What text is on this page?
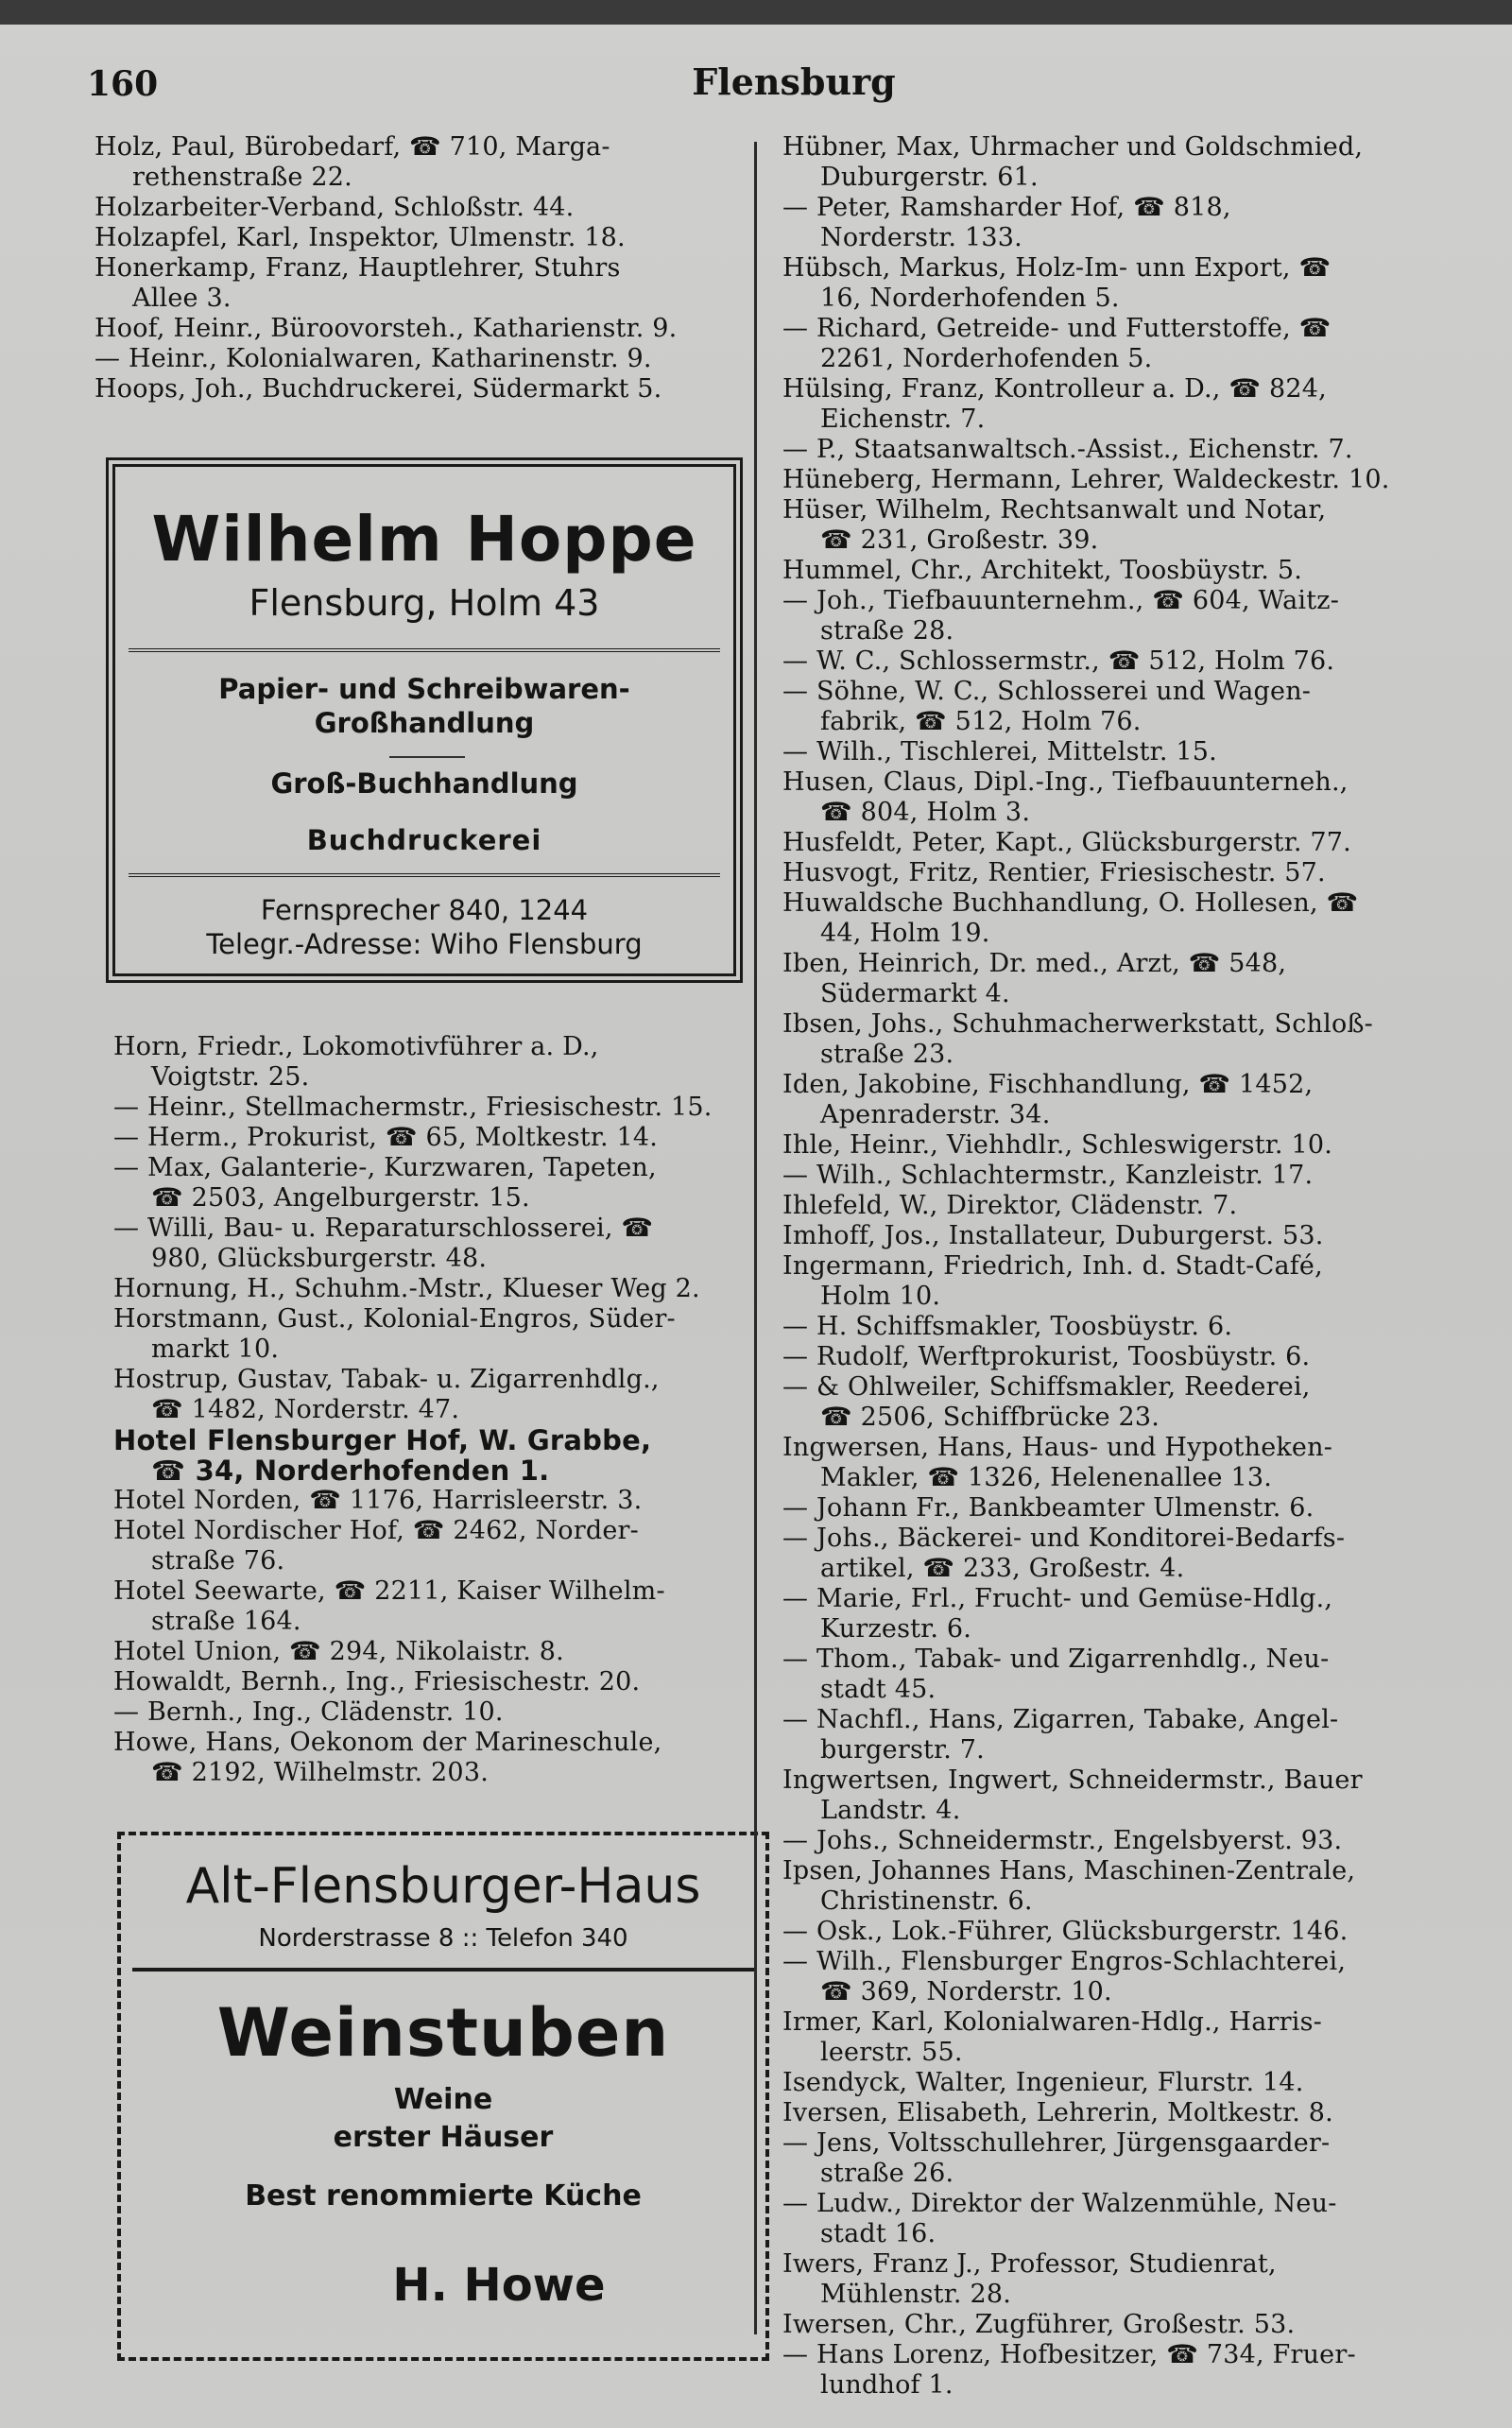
160	Flensburg

Holz, Paul, Bürobedarf, ☎ 710, Marga-

rethenstraße 22.

Holzarbeiter-Verband, Schloßstr. 44.

Holzapfel, Karl, Inspektor, Ulmenstr. 18.

Honerkamp, Franz, Hauptlehrer, Stuhrs

Allee 3.

Hoof, Heinr., Büroovorsteh., Katharienstr. 9.

— Heinr., Kolonialwaren, Katharinenstr. 9.

Hoops, Joh., Buchdruckerei, Südermarkt 5.

Wilhelm Hoppe
Flensburg, Holm 43
Papier- und Schreibwaren-
Großhandlung
Groß-Buchhandlung
Buchdruckerei
Fernsprecher 840, 1244
Telegr.-Adresse: Wiho Flensburg

Horn, Friedr., Lokomotivführer a. D.,

Voigtstr. 25.

— Heinr., Stellmachermstr., Friesischestr. 15.

— Herm., Prokurist, ☎ 65, Moltkestr. 14.

— Max, Galanterie-, Kurzwaren, Tapeten,

☎ 2503, Angelburgerstr. 15.

— Willi, Bau- u. Reparaturschlosserei, ☎

980, Glücksburgerstr. 48.

Hornung, H., Schuhm.-Mstr., Klueser Weg 2.

Horstmann, Gust., Kolonial-Engros, Süder-

markt 10.

Hostrup, Gustav, Tabak- u. Zigarrenhdlg.,

☎ 1482, Norderstr. 47.

Hotel Flensburger Hof, W. Grabbe,

☎ 34, Norderhofenden 1.

Hotel Norden, ☎ 1176, Harrisleerstr. 3.

Hotel Nordischer Hof, ☎ 2462, Norder-

straße 76.

Hotel Seewarte, ☎ 2211, Kaiser Wilhelm-

straße 164.

Hotel Union, ☎ 294, Nikolaistr. 8.

Howaldt, Bernh., Ing., Friesischestr. 20.

— Bernh., Ing., Clädenstr. 10.

Howe, Hans, Oekonom der Marineschule,

☎ 2192, Wilhelmstr. 203.

Alt-Flensburger-Haus
Norderstrasse 8 :: Telefon 340
Weinstuben
Weine
erster Häuser
Best renommierte Küche
H. Howe

Hübner, Max, Uhrmacher und Goldschmied,

Duburgerstr. 61.

— Peter, Ramsharder Hof, ☎ 818,

Norderstr. 133.

Hübsch, Markus, Holz-Im- unn Export, ☎

16, Norderhofenden 5.

— Richard, Getreide- und Futterstoffe, ☎

2261, Norderhofenden 5.

Hülsing, Franz, Kontrolleur a. D., ☎ 824,

Eichenstr. 7.

— P., Staatsanwaltsch.-Assist., Eichenstr. 7.

Hüneberg, Hermann, Lehrer, Waldeckestr. 10.

Hüser, Wilhelm, Rechtsanwalt und Notar,

☎ 231, Großestr. 39.

Hummel, Chr., Architekt, Toosbüystr. 5.

— Joh., Tiefbauunternehm., ☎ 604, Waitz-

straße 28.

— W. C., Schlossermstr., ☎ 512, Holm 76.

— Söhne, W. C., Schlosserei und Wagen-

fabrik, ☎ 512, Holm 76.

— Wilh., Tischlerei, Mittelstr. 15.

Husen, Claus, Dipl.-Ing., Tiefbauunterneh.,

☎ 804, Holm 3.

Husfeldt, Peter, Kapt., Glücksburgerstr. 77.

Husvogt, Fritz, Rentier, Friesischestr. 57.

Huwaldsche Buchhandlung, O. Hollesen, ☎

44, Holm 19.

Iben, Heinrich, Dr. med., Arzt, ☎ 548,

Südermarkt 4.

Ibsen, Johs., Schuhmacherwerkstatt, Schloß-

straße 23.

Iden, Jakobine, Fischhandlung, ☎ 1452,

Apenraderstr. 34.

Ihle, Heinr., Viehhdlr., Schleswigerstr. 10.

— Wilh., Schlachtermstr., Kanzleistr. 17.

Ihlefeld, W., Direktor, Clädenstr. 7.

Imhoff, Jos., Installateur, Duburgerst. 53.

Ingermann, Friedrich, Inh. d. Stadt-Café,

Holm 10.

— H. Schiffsmakler, Toosbüystr. 6.

— Rudolf, Werftprokurist, Toosbüystr. 6.

— & Ohlweiler, Schiffsmakler, Reederei,

☎ 2506, Schiffbrücke 23.

Ingwersen, Hans, Haus- und Hypotheken-

Makler, ☎ 1326, Helenenallee 13.

— Johann Fr., Bankbeamter Ulmenstr. 6.

— Johs., Bäckerei- und Konditorei-Bedarfs-

artikel, ☎ 233, Großestr. 4.

— Marie, Frl., Frucht- und Gemüse-Hdlg.,

Kurzestr. 6.

— Thom., Tabak- und Zigarrenhdlg., Neu-

stadt 45.

— Nachfl., Hans, Zigarren, Tabake, Angel-

burgerstr. 7.

Ingwertsen, Ingwert, Schneidermstr., Bauer

Landstr. 4.

— Johs., Schneidermstr., Engelsbyerst. 93.

Ipsen, Johannes Hans, Maschinen-Zentrale,

Christinenstr. 6.

— Osk., Lok.-Führer, Glücksburgerstr. 146.

— Wilh., Flensburger Engros-Schlachterei,

☎ 369, Norderstr. 10.

Irmer, Karl, Kolonialwaren-Hdlg., Harris-

leerstr. 55.

Isendyck, Walter, Ingenieur, Flurstr. 14.

Iversen, Elisabeth, Lehrerin, Moltkestr. 8.

— Jens, Voltsschullehrer, Jürgensgaarder-

straße 26.

— Ludw., Direktor der Walzenmühle, Neu-

stadt 16.

Iwers, Franz J., Professor, Studienrat,

Mühlenstr. 28.

Iwersen, Chr., Zugführer, Großestr. 53.

— Hans Lorenz, Hofbesitzer, ☎ 734, Fruer-

lundhof 1.
